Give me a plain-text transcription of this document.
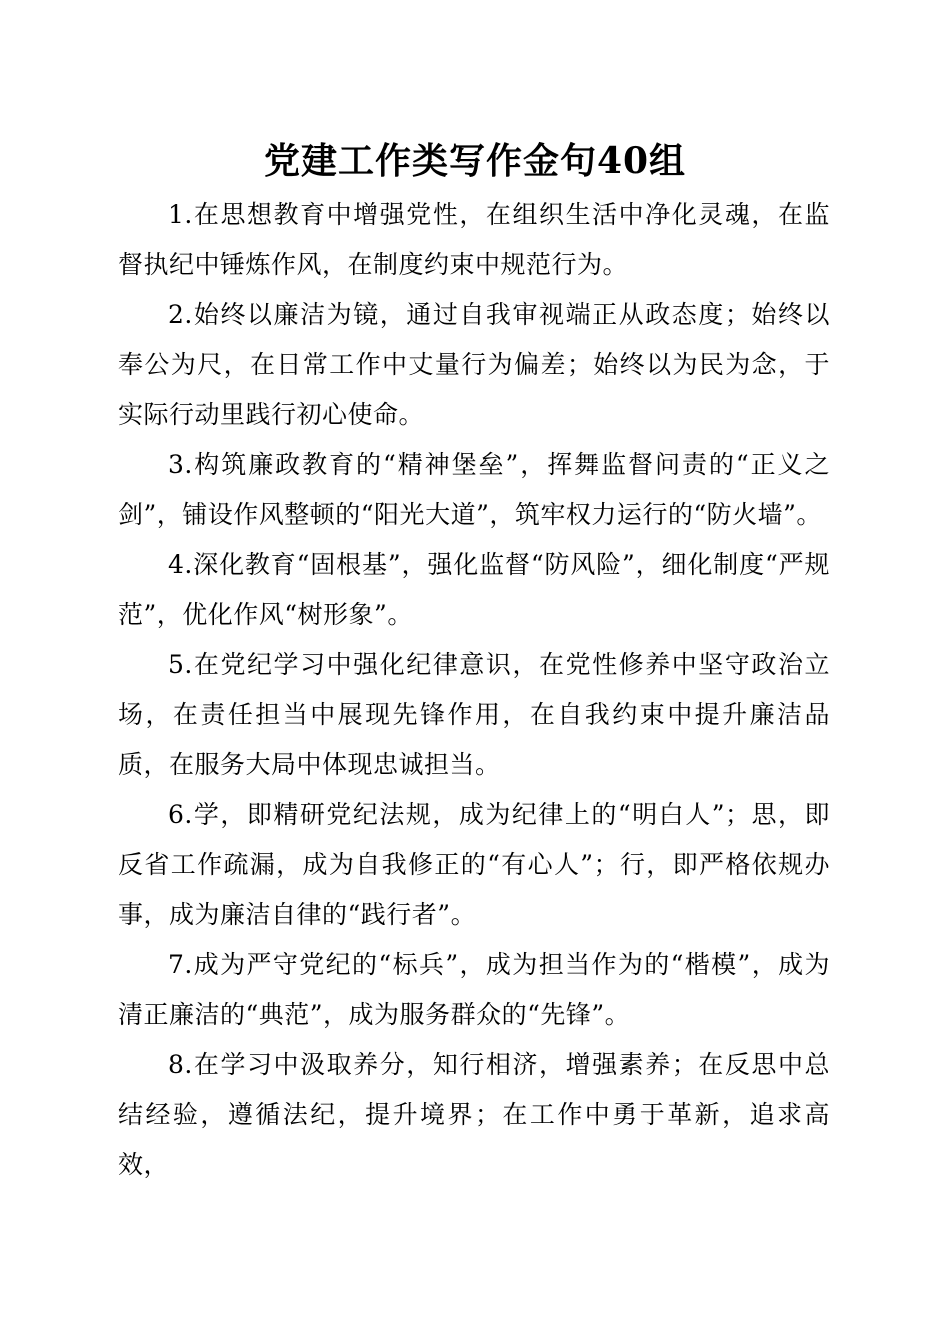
党建工作类写作金句40组

1.在思想教育中增强党性，在组织生活中净化灵魂，在监督执纪中锤炼作风，在制度约束中规范行为。

2.始终以廉洁为镜，通过自我审视端正从政态度；始终以奉公为尺，在日常工作中丈量行为偏差；始终以为民为念，于实际行动里践行初心使命。

3.构筑廉政教育的“精神堡垒”，挥舞监督问责的“正义之剑”，铺设作风整顿的“阳光大道”，筑牢权力运行的“防火墙”。

4.深化教育“固根基”，强化监督“防风险”，细化制度“严规范”，优化作风“树形象”。

5.在党纪学习中强化纪律意识，在党性修养中坚守政治立场，在责任担当中展现先锋作用，在自我约束中提升廉洁品质，在服务大局中体现忠诚担当。

6.学，即精研党纪法规，成为纪律上的“明白人”；思，即反省工作疏漏，成为自我修正的“有心人”；行，即严格依规办事，成为廉洁自律的“践行者”。

7.成为严守党纪的“标兵”，成为担当作为的“楷模”，成为清正廉洁的“典范”，成为服务群众的“先锋”。

8.在学习中汲取养分，知行相济，增强素养；在反思中总结经验，遵循法纪，提升境界；在工作中勇于革新，追求高效，
